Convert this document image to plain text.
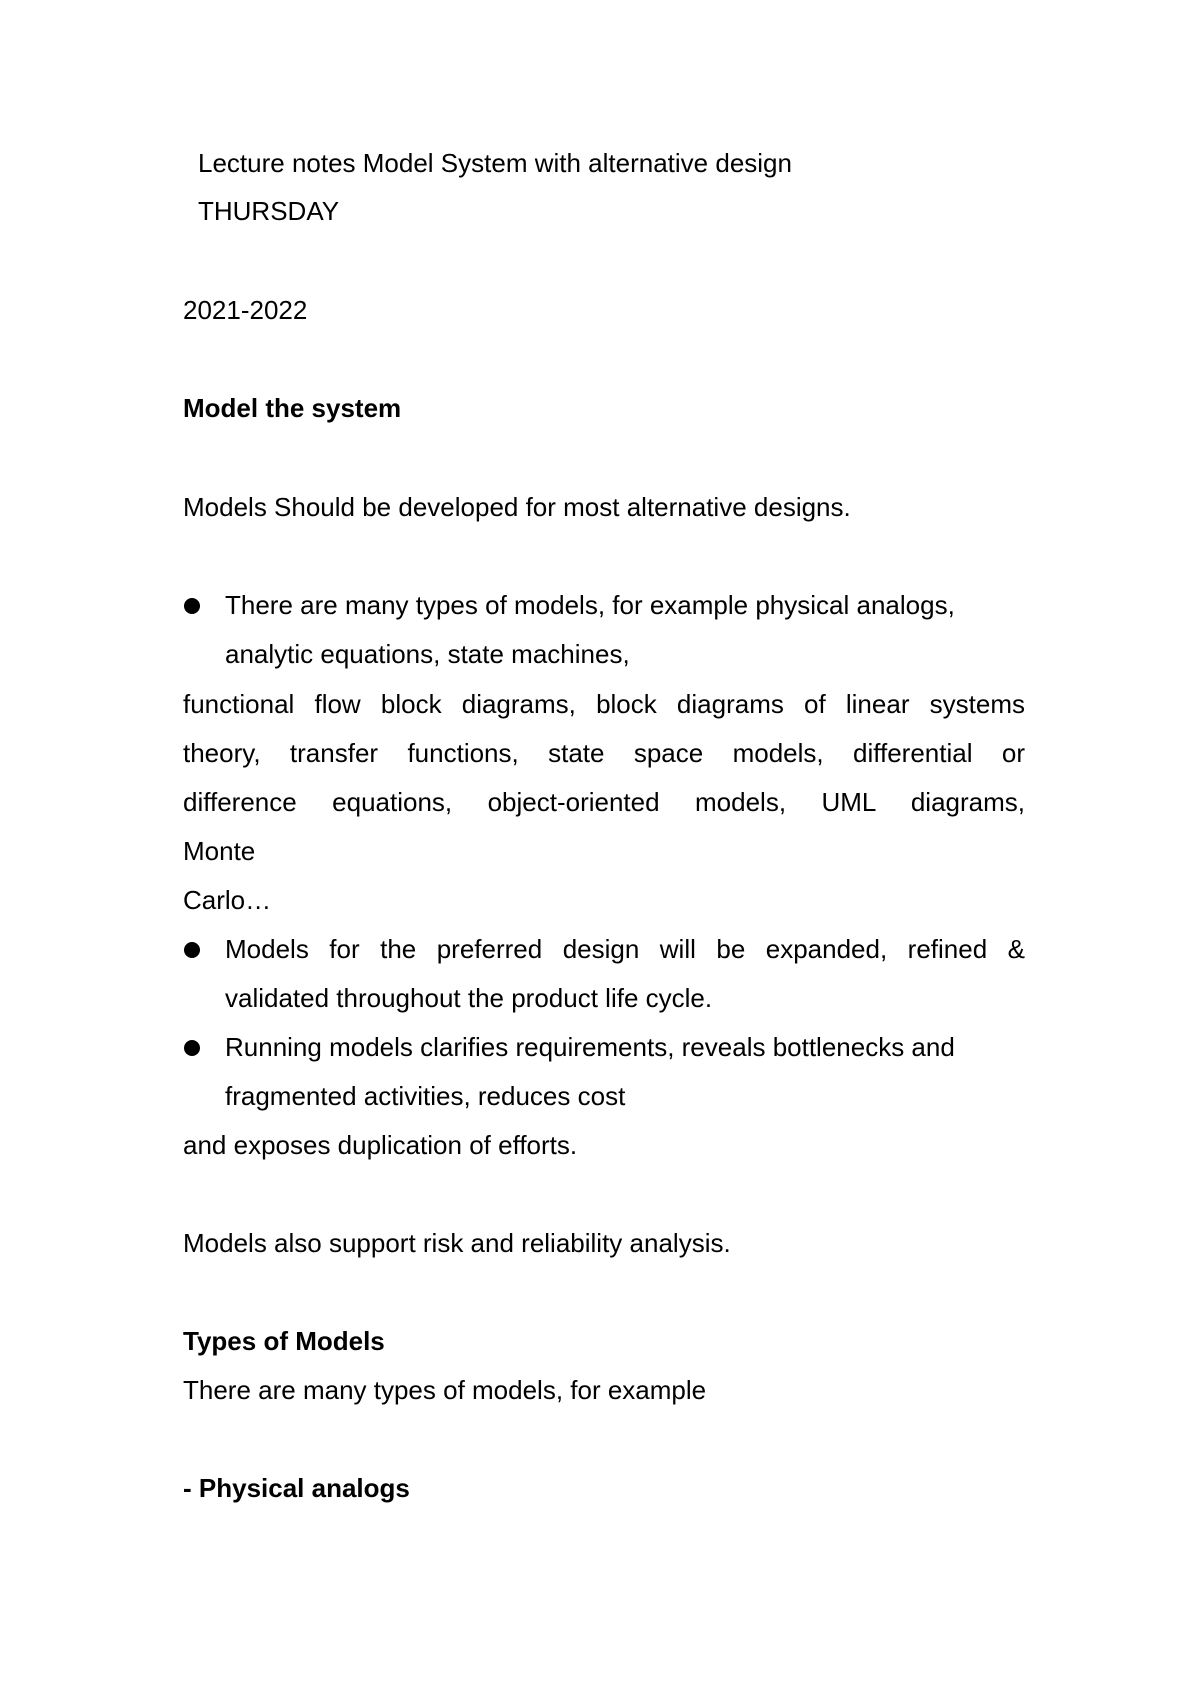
Lecture notes Model System with alternative design
THURSDAY
2021-2022
Model the system
Models Should be developed for most alternative designs.
There are many types of models, for example physical analogs,
analytic equations, state machines,
functional flow block diagrams, block diagrams of linear systems
theory, transfer functions, state space models, differential or
difference equations, object-oriented models, UML diagrams,
Monte
Carlo…
Models for the preferred design will be expanded, refined &
validated throughout the product life cycle.
Running models clarifies requirements, reveals bottlenecks and
fragmented activities, reduces cost
and exposes duplication of efforts.
Models also support risk and reliability analysis.
Types of Models
There are many types of models, for example
- Physical analogs
